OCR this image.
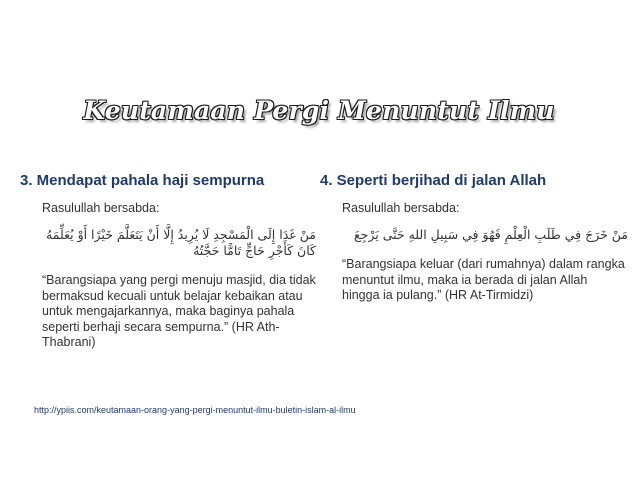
Keutamaan Pergi Menuntut Ilmu
3. Mendapat pahala haji sempurna
Rasulullah bersabda:
مَنْ غَدَا إِلَى الْمَسْجِدِ لَا يُرِيدُ إِلَّا أَنْ يَتَعَلَّمَ خَيْرًا أَوْ يُعَلِّمَهُ كَانَ كَأَجْرِ حَاجٍّ تَامًّا حَجَّتُهُ
“Barangsiapa yang pergi menuju masjid, dia tidak bermaksud kecuali untuk belajar kebaikan atau untuk mengajarkannya, maka baginya pahala seperti berhaji secara sempurna.” (HR Ath-Thabrani)
4. Seperti berjihad di jalan Allah
Rasulullah bersabda:
مَنْ خَرَجَ فِي طَلَبِ الْعِلْمِ فَهُوَ فِي سَبِيلِ اللهِ حَتَّى يَرْجِعَ
“Barangsiapa keluar (dari rumahnya) dalam rangka menuntut ilmu, maka ia berada di jalan Allah hingga ia pulang.” (HR At-Tirmidzi)
http://ypiis.com/keutamaan-orang-yang-pergi-menuntut-ilmu-buletin-islam-al-ilmu
